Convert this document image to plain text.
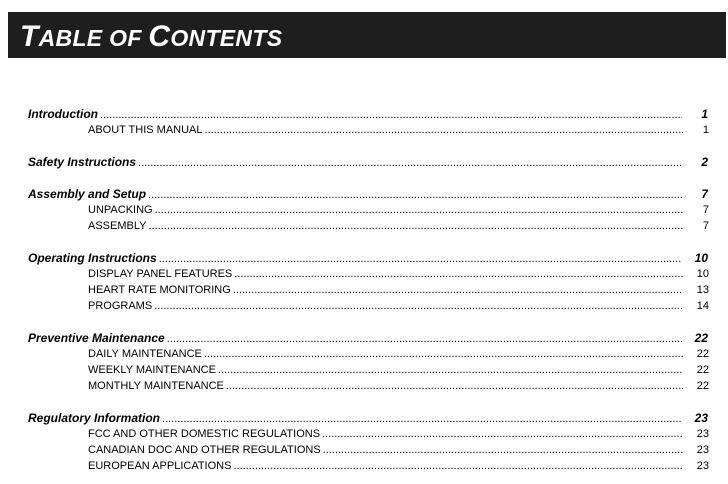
TABLE OF CONTENTS
Introduction .....	1
ABOUT THIS MANUAL .....	1
Safety Instructions .....	2
Assembly and Setup .....	7
UNPACKING .....	7
ASSEMBLY .....	7
Operating Instructions .....	10
DISPLAY PANEL FEATURES .....	10
HEART RATE MONITORING .....	13
PROGRAMS .....	14
Preventive Maintenance .....	22
DAILY MAINTENANCE .....	22
WEEKLY MAINTENANCE .....	22
MONTHLY MAINTENANCE .....	22
Regulatory Information .....	23
FCC AND OTHER DOMESTIC REGULATIONS .....	23
CANADIAN DOC AND OTHER REGULATIONS .....	23
EUROPEAN APPLICATIONS .....	23
